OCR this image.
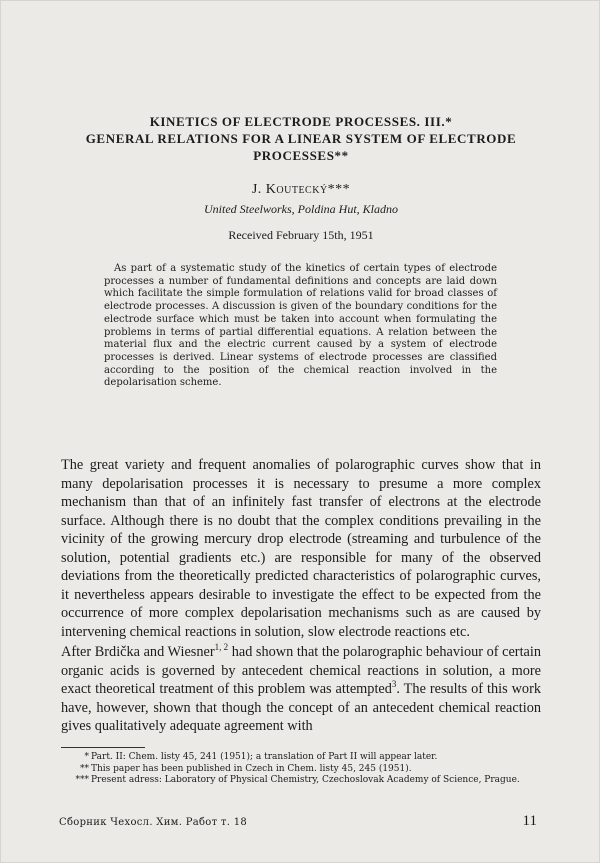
KINETICS OF ELECTRODE PROCESSES. III.*
GENERAL RELATIONS FOR A LINEAR SYSTEM OF ELECTRODE
PROCESSES**
J. Koutecký***
United Steelworks, Poldina Hut, Kladno
Received February 15th, 1951

As part of a systematic study of the kinetics of certain types of electrode processes a number of fundamental definitions and concepts are laid down which facilitate the simple formulation of relations valid for broad classes of electrode processes. A discussion is given of the boundary conditions for the electrode surface which must be taken into account when formulating the problems in terms of partial differential equations. A relation between the material flux and the electric current caused by a system of electrode processes is derived. Linear systems of electrode processes are classified according to the position of the chemical reaction involved in the depolarisation scheme.

The great variety and frequent anomalies of polarographic curves show that in many depolarisation processes it is necessary to presume a more complex mechanism than that of an infinitely fast transfer of electrons at the electrode surface. Although there is no doubt that the complex conditions prevailing in the vicinity of the growing mercury drop electrode (streaming and turbulence of the solution, potential gradients etc.) are responsible for many of the observed deviations from the theoretically predicted characteristics of polarographic curves, it nevertheless appears desirable to investigate the effect to be expected from the occurrence of more complex depolarisation mechanisms such as are caused by intervening chemical reactions in solution, slow electrode reactions etc.

After Brdička and Wiesner$^{1, 2}$ had shown that the polarographic behaviour of certain organic acids is governed by antecedent chemical reactions in solution, a more exact theoretical treatment of this problem was attempted$^3$. The results of this work have, however, shown that though the concept of an antecedent chemical reaction gives qualitatively adequate agreement with

* Part. II: Chem. listy 45, 241 (1951); a translation of Part II will appear later.
** This paper has been published in Czech in Chem. listy 45, 245 (1951).
*** Present adress: Laboratory of Physical Chemistry, Czechoslovak Academy of Science, Prague.
Сборник Чехосл. Хим. Работ т. 18	11
